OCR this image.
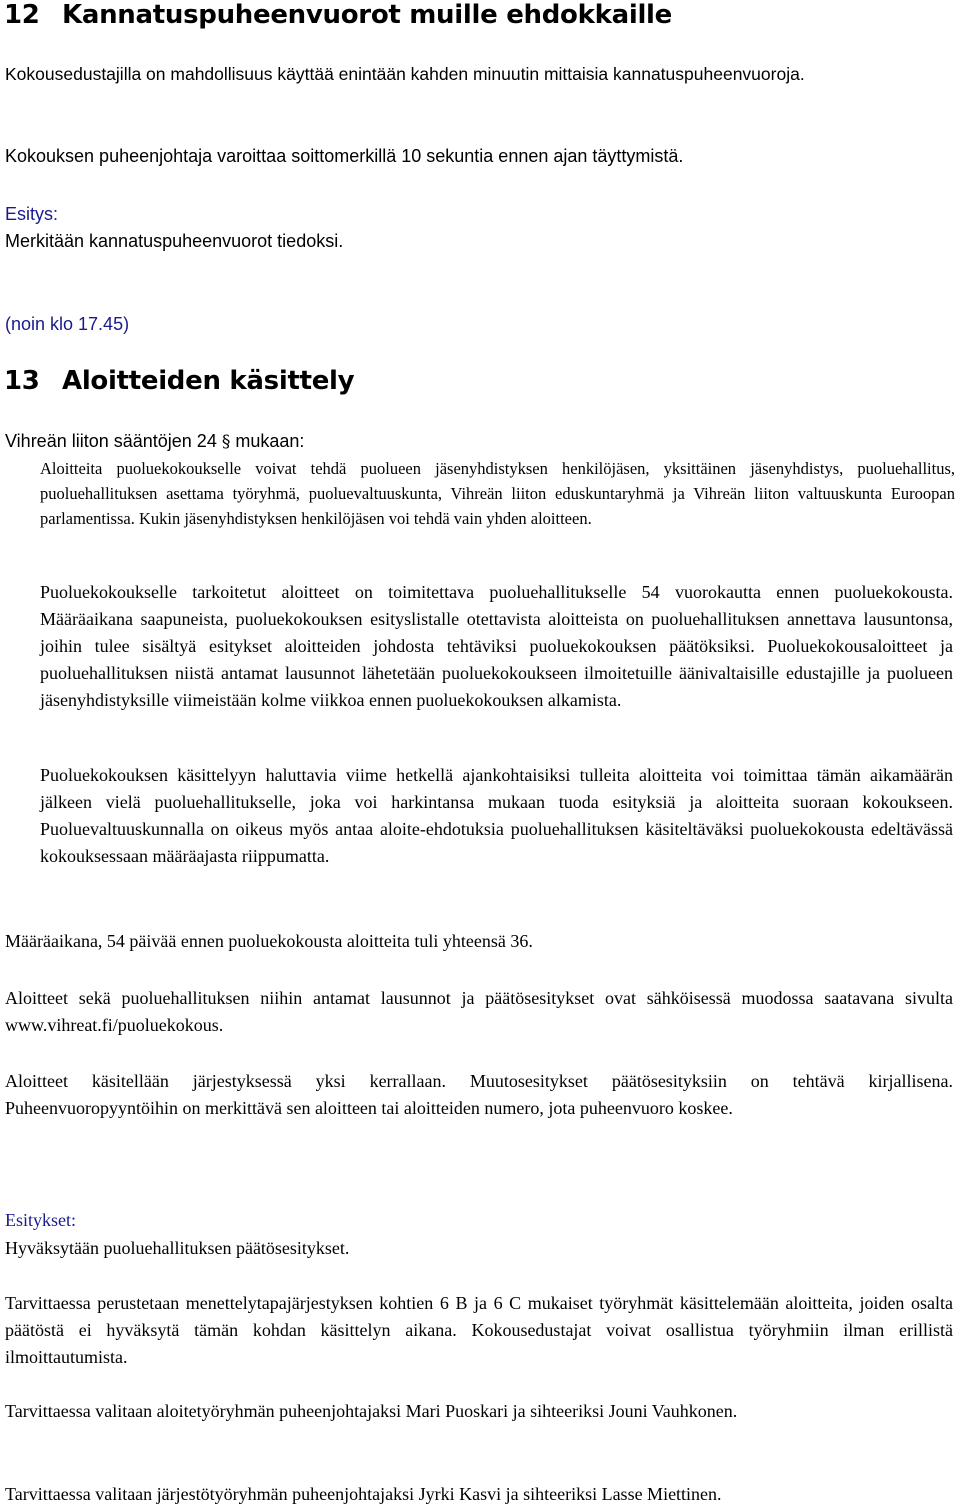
12 Kannatuspuheenvuorot muille ehdokkaille
Kokousedustajilla on mahdollisuus käyttää enintään kahden minuutin mittaisia kannatuspuheenvuoroja.
Kokouksen puheenjohtaja varoittaa soittomerkillä 10 sekuntia ennen ajan täyttymistä.
Esitys:
Merkitään kannatuspuheenvuorot tiedoksi.
(noin klo 17.45)
13 Aloitteiden käsittely
Vihreän liiton sääntöjen 24 § mukaan:
Aloitteita puoluekokoukselle voivat tehdä puolueen jäsenyhdistyksen henkilöjäsen, yksittäinen jäsenyhdistys, puoluehallitus, puoluehallituksen asettama työryhmä, puoluevaltuuskunta, Vihreän liiton eduskuntaryhmä ja Vihreän liiton valtuuskunta Euroopan parlamentissa. Kukin jäsenyhdistyksen henkilöjäsen voi tehdä vain yhden aloitteen.
Puoluekokoukselle tarkoitetut aloitteet on toimitettava puoluehallitukselle 54 vuorokautta ennen puoluekokousta. Määräaikana saapuneista, puoluekokouksen esityslistalle otettavista aloitteista on puoluehallituksen annettava lausuntonsa, joihin tulee sisältyä esitykset aloitteiden johdosta tehtäviksi puoluekokouksen päätöksiksi. Puoluekokousaloitteet ja puoluehallituksen niistä antamat lausunnot lähetetään puoluekokoukseen ilmoitetuille äänivaltaisille edustajille ja puolueen jäsenyhdistyksille viimeistään kolme viikkoa ennen puoluekokouksen alkamista.
Puoluekokouksen käsittelyyn haluttavia viime hetkellä ajankohtaisiksi tulleita aloitteita voi toimittaa tämän aikamäärän jälkeen vielä puoluehallitukselle, joka voi harkintansa mukaan tuoda esityksiä ja aloitteita suoraan kokoukseen. Puoluevaltuuskunnalla on oikeus myös antaa aloite-ehdotuksia puoluehallituksen käsiteltäväksi puoluekokousta edeltävässä kokouksessaan määräajasta riippumatta.
Määräaikana, 54 päivää ennen puoluekokousta aloitteita tuli yhteensä 36.
Aloitteet sekä puoluehallituksen niihin antamat lausunnot ja päätösesitykset ovat sähköisessä muodossa saatavana sivulta www.vihreat.fi/puoluekokous.
Aloitteet käsitellään järjestyksessä yksi kerrallaan. Muutosesitykset päätösesityksiin on tehtävä kirjallisena. Puheenvuoropyyntöihin on merkittävä sen aloitteen tai aloitteiden numero, jota puheenvuoro koskee.
Esitykset:
Hyväksytään puoluehallituksen päätösesitykset.
Tarvittaessa perustetaan menettelytapajärjestyksen kohtien 6 B ja 6 C mukaiset työryhmät käsittelemään aloitteita, joiden osalta päätöstä ei hyväksytä tämän kohdan käsittelyn aikana. Kokousedustajat voivat osallistua työryhmiin ilman erillistä ilmoittautumista.
Tarvittaessa valitaan aloitetyöryhmän puheenjohtajaksi Mari Puoskari ja sihteeriksi Jouni Vauhkonen.
Tarvittaessa valitaan järjestötyöryhmän puheenjohtajaksi Jyrki Kasvi ja sihteeriksi Lasse Miettinen.
